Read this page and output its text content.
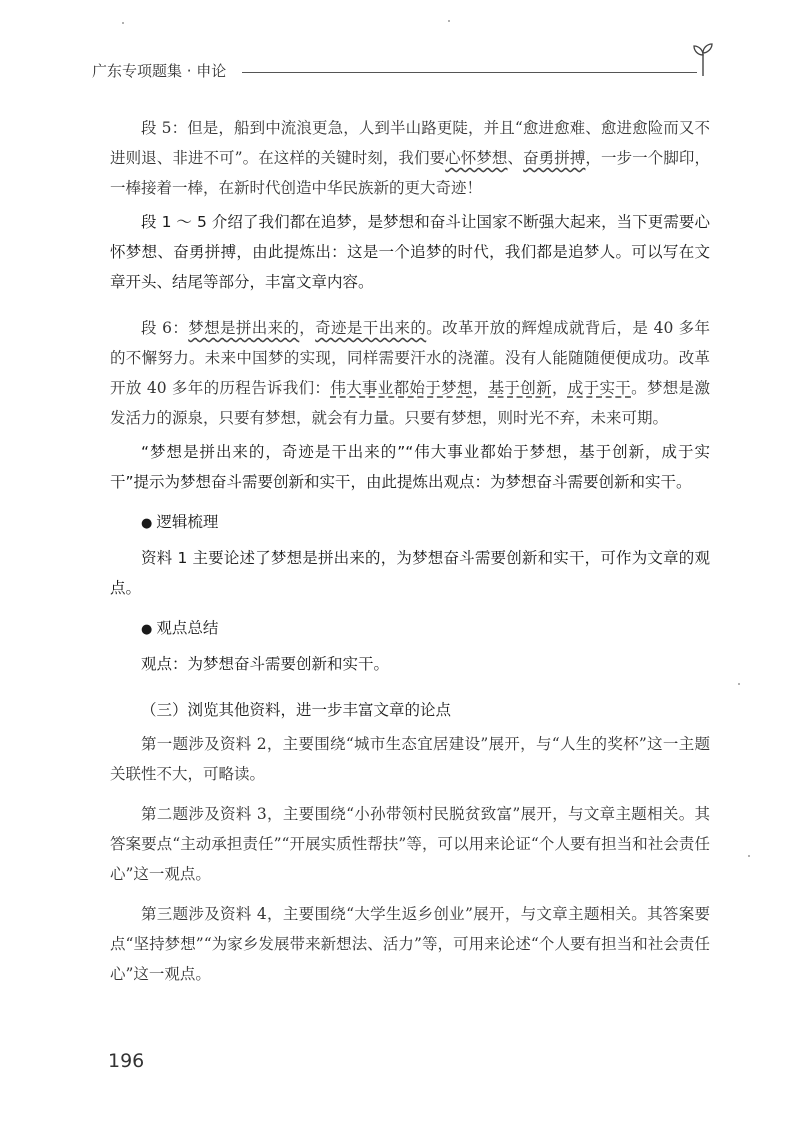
广东专项题集 · 申论

段 5：但是，船到中流浪更急，人到半山路更陡，并且“愈进愈难、愈进愈险而又不进则退、非进不可”。在这样的关键时刻，我们要心怀梦想、奋勇拼搏，一步一个脚印，一棒接着一棒，在新时代创造中华民族新的更大奇迹！

段 1 ～ 5 介绍了我们都在追梦，是梦想和奋斗让国家不断强大起来，当下更需要心怀梦想、奋勇拼搏，由此提炼出：这是一个追梦的时代，我们都是追梦人。可以写在文章开头、结尾等部分，丰富文章内容。

段 6：梦想是拼出来的，奇迹是干出来的。改革开放的辉煌成就背后，是 40 多年的不懈努力。未来中国梦的实现，同样需要汗水的浇灌。没有人能随随便便成功。改革开放 40 多年的历程告诉我们：伟大事业都始于梦想，基于创新，成于实干。梦想是激发活力的源泉，只要有梦想，就会有力量。只要有梦想，则时光不弃，未来可期。

“梦想是拼出来的，奇迹是干出来的”“伟大事业都始于梦想，基于创新，成于实干”提示为梦想奋斗需要创新和实干，由此提炼出观点：为梦想奋斗需要创新和实干。

● 逻辑梳理

资料 1 主要论述了梦想是拼出来的，为梦想奋斗需要创新和实干，可作为文章的观点。

● 观点总结

观点：为梦想奋斗需要创新和实干。

（三）浏览其他资料，进一步丰富文章的论点

第一题涉及资料 2，主要围绕“城市生态宜居建设”展开，与“人生的奖杯”这一主题关联性不大，可略读。

第二题涉及资料 3，主要围绕“小孙带领村民脱贫致富”展开，与文章主题相关。其答案要点“主动承担责任”“开展实质性帮扶”等，可以用来论证“个人要有担当和社会责任心”这一观点。

第三题涉及资料 4，主要围绕“大学生返乡创业”展开，与文章主题相关。其答案要点“坚持梦想”“为家乡发展带来新想法、活力”等，可用来论述“个人要有担当和社会责任心”这一观点。

196
